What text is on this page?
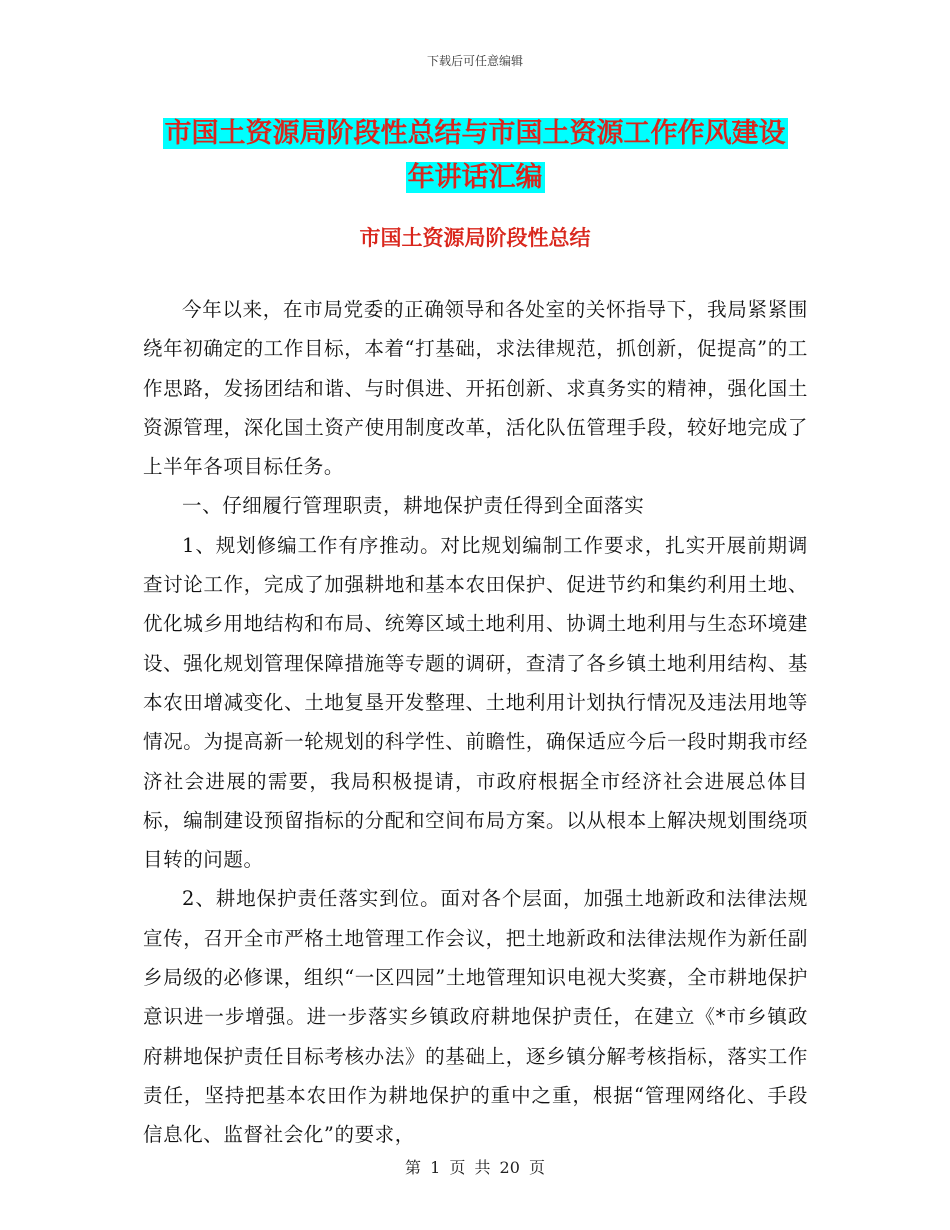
下载后可任意编辑
市国土资源局阶段性总结与市国土资源工作作风建设
年讲话汇编
市国土资源局阶段性总结

今年以来，在市局党委的正确领导和各处室的关怀指导下，我局紧紧围绕年初确定的工作目标，本着“打基础，求法律规范，抓创新，促提高”的工作思路，发扬团结和谐、与时俱进、开拓创新、求真务实的精神，强化国土资源管理，深化国土资产使用制度改革，活化队伍管理手段，较好地完成了上半年各项目标任务。

一、仔细履行管理职责，耕地保护责任得到全面落实

1、规划修编工作有序推动。对比规划编制工作要求，扎实开展前期调查讨论工作，完成了加强耕地和基本农田保护、促进节约和集约利用土地、优化城乡用地结构和布局、统筹区域土地利用、协调土地利用与生态环境建设、强化规划管理保障措施等专题的调研，查清了各乡镇土地利用结构、基本农田增减变化、土地复垦开发整理、土地利用计划执行情况及违法用地等情况。为提高新一轮规划的科学性、前瞻性，确保适应今后一段时期我市经济社会进展的需要，我局积极提请，市政府根据全市经济社会进展总体目标，编制建设预留指标的分配和空间布局方案。以从根本上解决规划围绕项目转的问题。

2、耕地保护责任落实到位。面对各个层面，加强土地新政和法律法规宣传，召开全市严格土地管理工作会议，把土地新政和法律法规作为新任副乡局级的必修课，组织“一区四园”土地管理知识电视大奖赛，全市耕地保护意识进一步增强。进一步落实乡镇政府耕地保护责任，在建立《*市乡镇政府耕地保护责任目标考核办法》的基础上，逐乡镇分解考核指标，落实工作责任，坚持把基本农田作为耕地保护的重中之重，根据“管理网络化、手段信息化、监督社会化”的要求，

第 1 页 共 20 页
